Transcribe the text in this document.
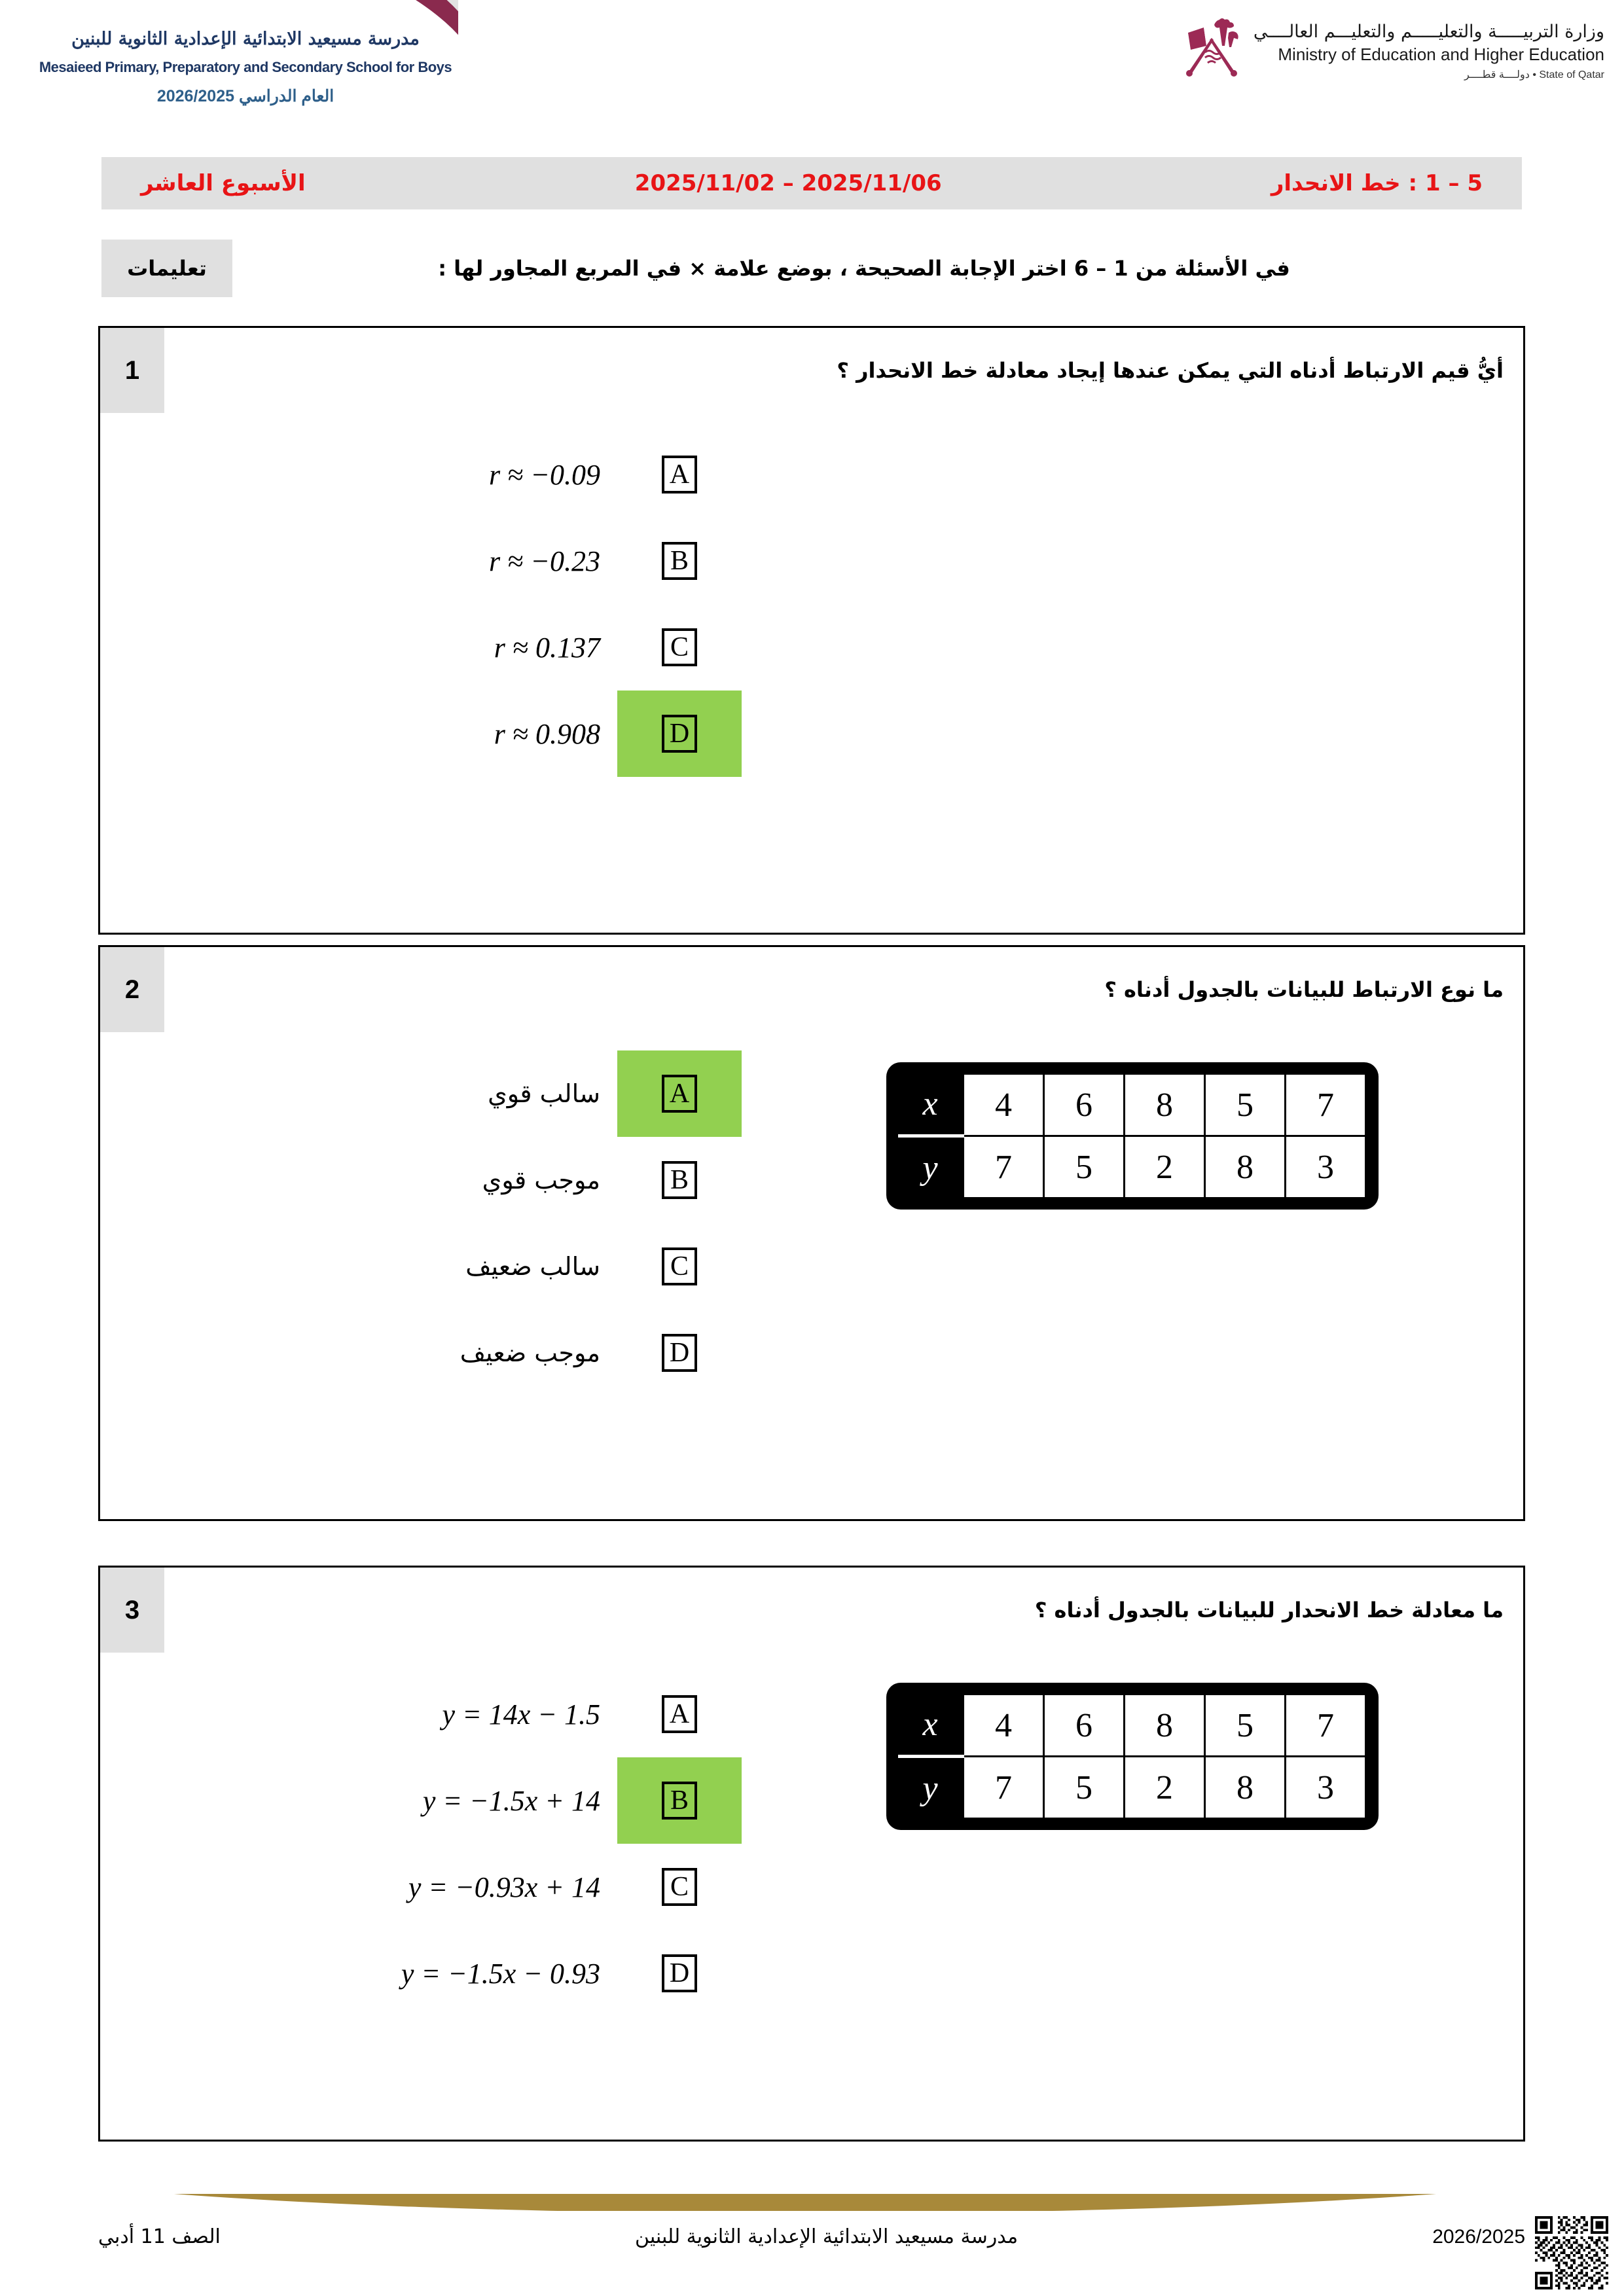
مدرسة مسيعيد الابتدائية الإعدادية الثانوية للبنين
Mesaieed Primary, Preparatory and Secondary School for Boys
العام الدراسي 2026/2025
وزارة التربيـــــة والتعليـــــم والتعليـــم العالــــي
Ministry of Education and Higher Education
دولــــة قطــــر • State of Qatar
5 – 1 : خط الانحدار
2025/11/02 – 2025/11/06
الأسبوع العاشر
في الأسئلة من 1 – 6 اختر الإجابة الصحيحة ، بوضع علامة × في المربع المجاور لها :
تعليمات
أيُّ قيم الارتباط أدناه التي يمكن عندها إيجاد معادلة خط الانحدار ؟
1
A
r ≈ −0.09
B
r ≈ −0.23
C
r ≈ 0.137
D
r ≈ 0.908
ما نوع الارتباط للبيانات بالجدول أدناه ؟
2
A
سالب قوي
B
موجب قوي
C
سالب ضعيف
D
موجب ضعيف
x	4	6	8	5	7
y	7	5	2	8	3
ما معادلة خط الانحدار للبيانات بالجدول أدناه ؟
3
A
y = 14x − 1.5
B
y = −1.5x + 14
C
y = −0.93x + 14
D
y = −1.5x − 0.93
x	4	6	8	5	7
y	7	5	2	8	3
2026/2025
مدرسة مسيعيد الابتدائية الإعدادية الثانوية للبنين
الصف 11 أدبي
